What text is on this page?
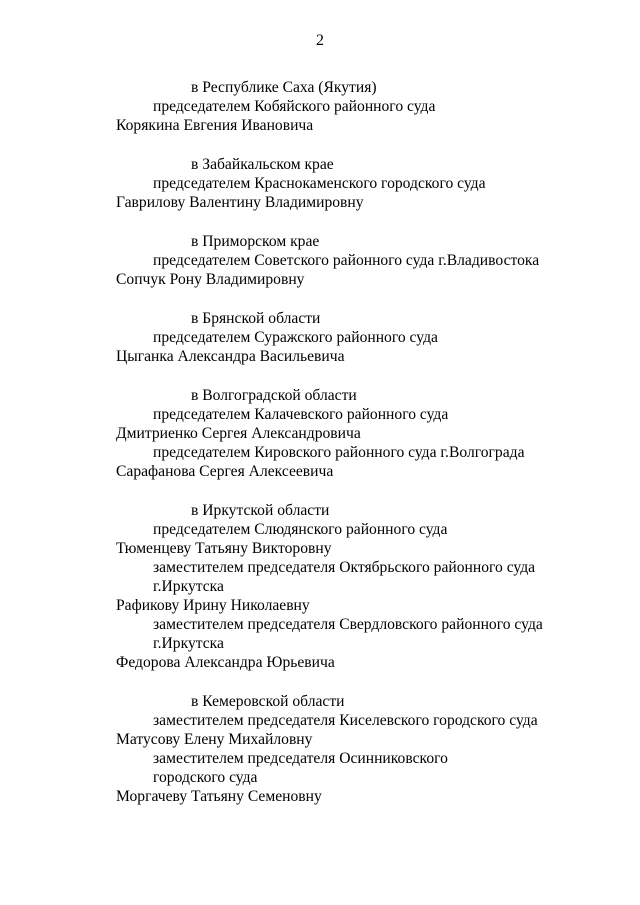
2
в Республике Саха (Якутия)
председателем Кобяйского районного суда
Корякина Евгения Ивановича
в Забайкальском крае
председателем Краснокаменского городского суда
Гаврилову Валентину Владимировну
в Приморском крае
председателем Советского районного суда г.Владивостока
Сопчук Рону Владимировну
в Брянской области
председателем Суражского районного суда
Цыганка Александра Васильевича
в Волгоградской области
председателем Калачевского районного суда
Дмитриенко Сергея Александровича
председателем Кировского районного суда г.Волгограда
Сарафанова Сергея Алексеевича
в Иркутской области
председателем Слюдянского районного суда
Тюменцеву Татьяну Викторовну
заместителем председателя Октябрьского районного суда
г.Иркутска
Рафикову Ирину Николаевну
заместителем председателя Свердловского районного суда
г.Иркутска
Федорова Александра Юрьевича
в Кемеровской области
заместителем председателя Киселевского городского суда
Матусову Елену Михайловну
заместителем председателя Осинниковского
городского суда
Моргачеву Татьяну Семеновну
